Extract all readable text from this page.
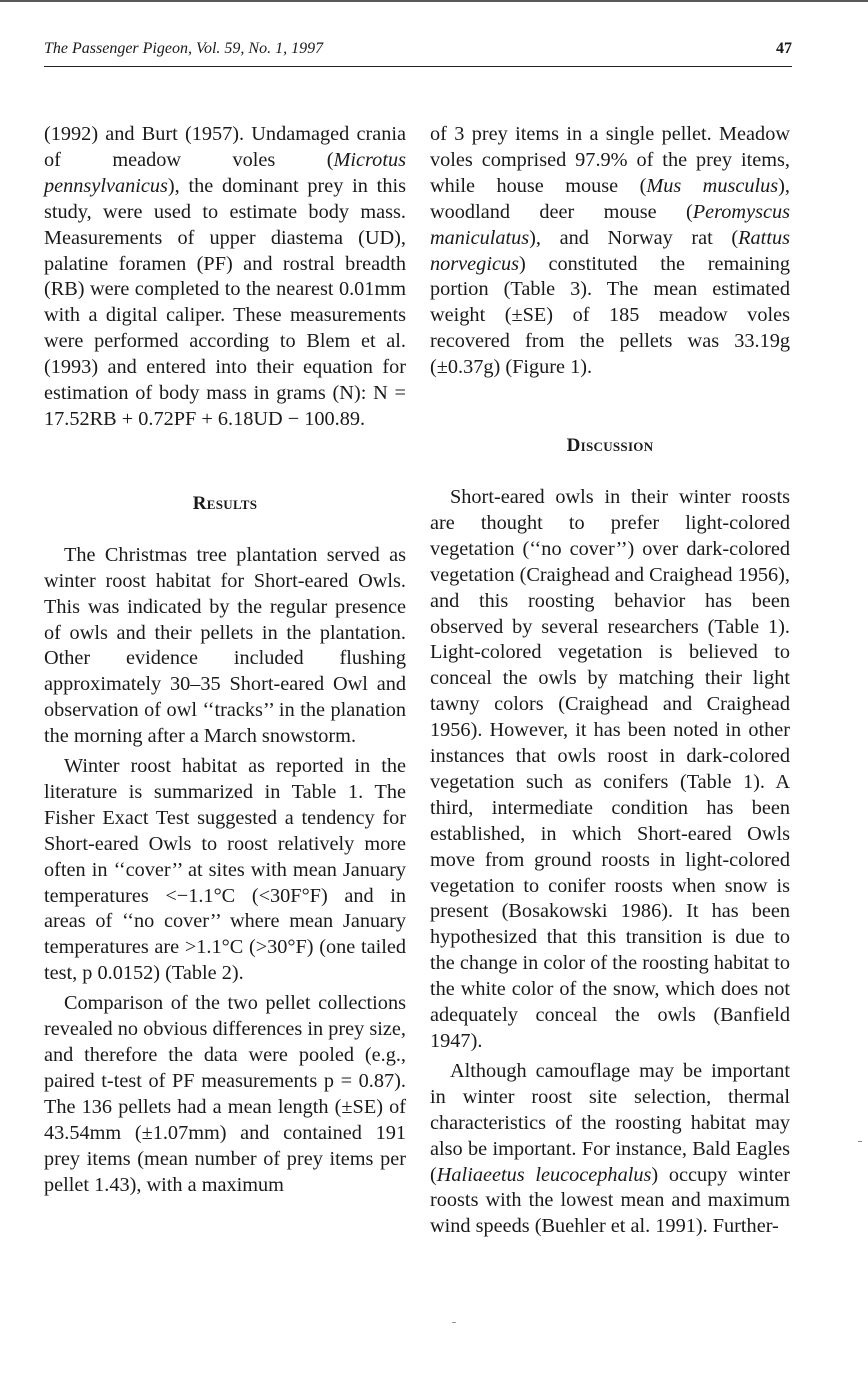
The Passenger Pigeon, Vol. 59, No. 1, 1997	47

(1992) and Burt (1957). Undamaged crania of meadow voles (Microtus pennsylvanicus), the dominant prey in this study, were used to estimate body mass. Measurements of upper diastema (UD), palatine foramen (PF) and rostral breadth (RB) were completed to the nearest 0.01mm with a digital caliper. These measurements were performed according to Blem et al. (1993) and entered into their equation for estimation of body mass in grams (N): N = 17.52RB + 0.72PF + 6.18UD − 100.89.

Results

The Christmas tree plantation served as winter roost habitat for Short-eared Owls. This was indicated by the regular presence of owls and their pellets in the plantation. Other evidence included flushing approximately 30–35 Short-eared Owl and observation of owl ‘‘tracks’’ in the planation the morning after a March snowstorm.

Winter roost habitat as reported in the literature is summarized in Table 1. The Fisher Exact Test suggested a tendency for Short-eared Owls to roost relatively more often in ‘‘cover’’ at sites with mean January temperatures <−1.1°C (<30F°F) and in areas of ‘‘no cover’’ where mean January temperatures are >1.1°C (>30°F) (one tailed test, p 0.0152) (Table 2).

Comparison of the two pellet collections revealed no obvious differences in prey size, and therefore the data were pooled (e.g., paired t-test of PF measurements p = 0.87). The 136 pellets had a mean length (±SE) of 43.54mm (±1.07mm) and contained 191 prey items (mean number of prey items per pellet 1.43), with a maximum

of 3 prey items in a single pellet. Meadow voles comprised 97.9% of the prey items, while house mouse (Mus musculus), woodland deer mouse (Peromyscus maniculatus), and Norway rat (Rattus norvegicus) constituted the remaining portion (Table 3). The mean estimated weight (±SE) of 185 meadow voles recovered from the pellets was 33.19g (±0.37g) (Figure 1).

Discussion

Short-eared owls in their winter roosts are thought to prefer light-colored vegetation (‘‘no cover’’) over dark-colored vegetation (Craighead and Craighead 1956), and this roosting behavior has been observed by several researchers (Table 1). Light-colored vegetation is believed to conceal the owls by matching their light tawny colors (Craighead and Craighead 1956). However, it has been noted in other instances that owls roost in dark-colored vegetation such as conifers (Table 1). A third, intermediate condition has been established, in which Short-eared Owls move from ground roosts in light-colored vegetation to conifer roosts when snow is present (Bosakowski 1986). It has been hypothesized that this transition is due to the change in color of the roosting habitat to the white color of the snow, which does not adequately conceal the owls (Banfield 1947).

Although camouflage may be important in winter roost site selection, thermal characteristics of the roosting habitat may also be important. For instance, Bald Eagles (Haliaeetus leucocephalus) occupy winter roosts with the lowest mean and maximum wind speeds (Buehler et al. 1991). Further-
